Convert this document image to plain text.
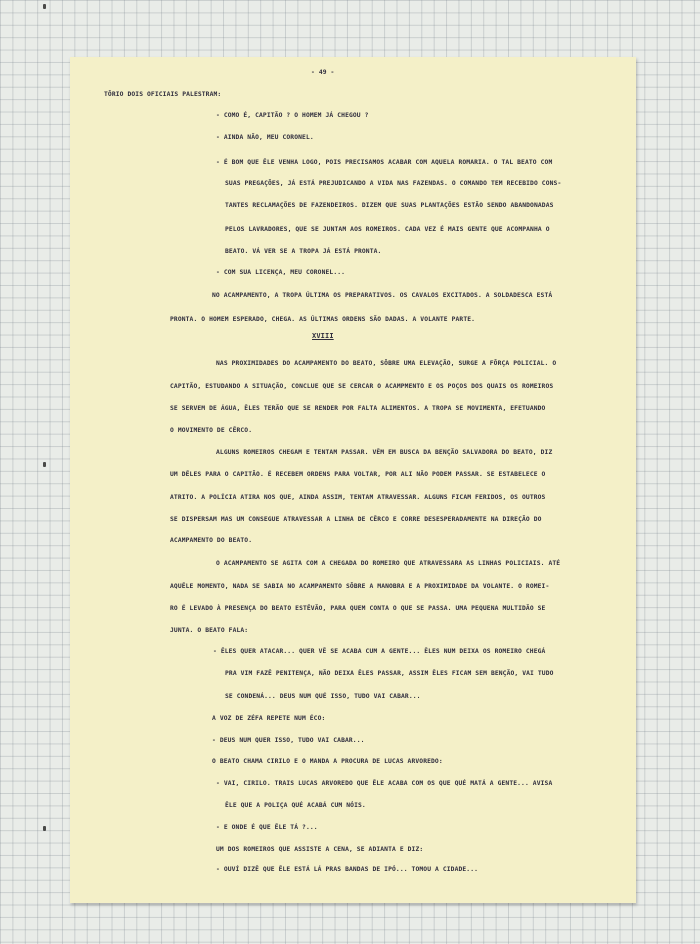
- 49 -

TÔRIO DOIS OFICIAIS PALESTRAM:

- COMO É, CAPITÃO ? O HOMEM JÁ CHEGOU ?

- AINDA NÃO, MEU CORONEL.

- É BOM QUE ÊLE VENHA LOGO, POIS PRECISAMOS ACABAR COM AQUELA ROMARIA. O TAL BEATO COM

SUAS PREGAÇÕES, JÁ ESTÁ PREJUDICANDO A VIDA NAS FAZENDAS. O COMANDO TEM RECEBIDO CONS-

TANTES RECLAMAÇÕES DE FAZENDEIROS. DIZEM QUE SUAS PLANTAÇÕES ESTÃO SENDO ABANDONADAS

PELOS LAVRADORES, QUE SE JUNTAM AOS ROMEIROS. CADA VEZ É MAIS GENTE QUE ACOMPANHA O

BEATO. VÁ VER SE A TROPA JÁ ESTÁ PRONTA.

- COM SUA LICENÇA, MEU CORONEL...

NO ACAMPAMENTO, A TROPA ÚLTIMA OS PREPARATIVOS. OS CAVALOS EXCITADOS. A SOLDADESCA ESTÁ

PRONTA. O HOMEM ESPERADO, CHEGA. AS ÚLTIMAS ORDENS SÃO DADAS. A VOLANTE PARTE.

XVIII

NAS PROXIMIDADES DO ACAMPAMENTO DO BEATO, SÔBRE UMA ELEVAÇÃO, SURGE A FÔRÇA POLICIAL. O

CAPITÃO, ESTUDANDO A SITUAÇÃO, CONCLUE QUE SE CERCAR O ACAMPMENTO E OS POÇOS DOS QUAIS OS ROMEIROS

SE SERVEM DE ÁGUA, ÊLES TERÃO QUE SE RENDER POR FALTA ALIMENTOS. A TROPA SE MOVIMENTA, EFETUANDO

O MOVIMENTO DE CÊRCO.

ALGUNS ROMEIROS CHEGAM E TENTAM PASSAR. VÊM EM BUSCA DA BENÇÃO SALVADORA DO BEATO, DIZ

UM DÊLES PARA O CAPITÃO. É RECEBEM ORDENS PARA VOLTAR, POR ALI NÃO PODEM PASSAR. SE ESTABELECE O

ATRITO. A POLÍCIA ATIRA NOS QUE, AINDA ASSIM, TENTAM ATRAVESSAR. ALGUNS FICAM FERIDOS, OS OUTROS

SE DISPERSAM MAS UM CONSEGUE ATRAVESSAR A LINHA DE CÊRCO E CORRE DESESPERADAMENTE NA DIREÇÃO DO

ACAMPAMENTO DO BEATO.

O ACAMPAMENTO SE AGITA COM A CHEGADA DO ROMEIRO QUE ATRAVESSARA AS LINHAS POLICIAIS. ATÉ

AQUÊLE MOMENTO, NADA SE SABIA NO ACAMPAMENTO SÔBRE A MANOBRA E A PROXIMIDADE DA VOLANTE. O ROMEI-

RO É LEVADO À PRESENÇA DO BEATO ESTÊVÃO, PARA QUEM CONTA O QUE SE PASSA. UMA PEQUENA MULTIDÃO SE

JUNTA. O BEATO FALA:

- ÊLES QUER ATACAR... QUER VÊ SE ACABA CUM A GENTE... ÊLES NUM DEIXA OS ROMEIRO CHEGÁ

PRA VIM FAZÊ PENITENÇA, NÃO DEIXA ÊLES PASSAR, ASSIM ÊLES FICAM SEM BENÇÃO, VAI TUDO

SE CONDENÁ... DEUS NUM QUÉ ISSO, TUDO VAI CABAR...

A VOZ DE ZÉFA REPETE NUM ÉCO:

- DEUS NUM QUER ISSO, TUDO VAI CABAR...

O BEATO CHAMA CIRILO E O MANDA A PROCURA DE LUCAS ARVOREDO:

- VAI, CIRILO. TRAIS LUCAS ARVOREDO QUE ÊLE ACABA COM OS QUE QUÉ MATÁ A GENTE... AVISA

ÊLE QUE A POLIÇA QUÉ ACABÁ CUM NÓIS.

- E ONDE É QUE ÊLE TÁ ?...

UM DOS ROMEIROS QUE ASSISTE A CENA, SE ADIANTA E DIZ:

- OUVÍ DIZÊ QUE ÊLE ESTÁ LÁ PRAS BANDAS DE IPÓ... TOMOU A CIDADE...
